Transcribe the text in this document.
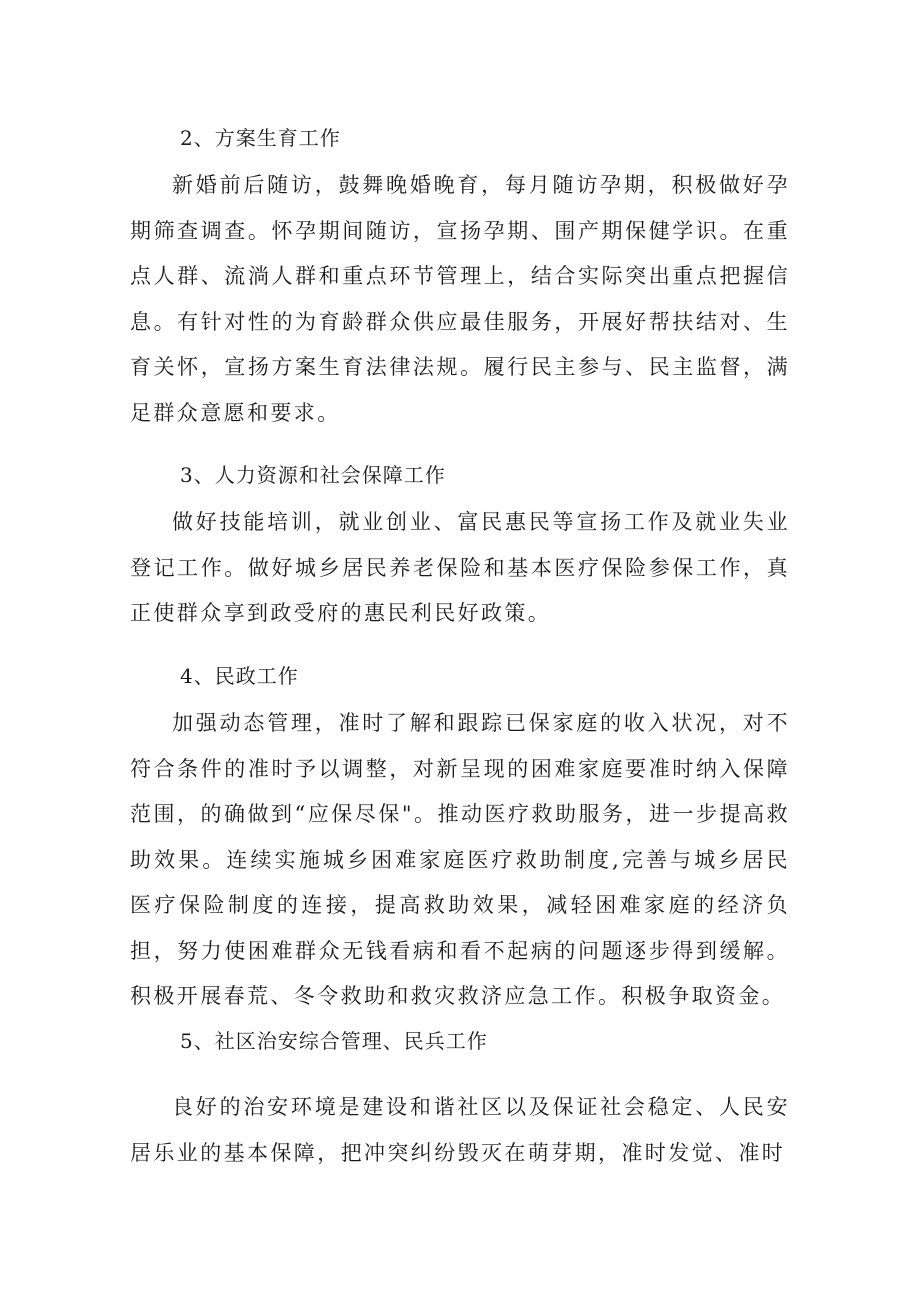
2、方案生育工作

新婚前后随访，鼓舞晚婚晚育，每月随访孕期，积极做好孕期筛查调查。怀孕期间随访，宣扬孕期、围产期保健学识。在重点人群、流淌人群和重点环节管理上，结合实际突出重点把握信息。有针对性的为育龄群众供应最佳服务，开展好帮扶结对、生育关怀，宣扬方案生育法律法规。履行民主参与、民主监督，满足群众意愿和要求。

3、人力资源和社会保障工作

做好技能培训，就业创业、富民惠民等宣扬工作及就业失业登记工作。做好城乡居民养老保险和基本医疗保险参保工作，真正使群众享到政受府的惠民利民好政策。

4、民政工作

加强动态管理，准时了解和跟踪已保家庭的收入状况，对不符合条件的准时予以调整，对新呈现的困难家庭要准时纳入保障范围，的确做到“应保尽保"。推动医疗救助服务，进一步提高救助效果。连续实施城乡困难家庭医疗救助制度,完善与城乡居民医疗保险制度的连接，提高救助效果，减轻困难家庭的经济负担，努力使困难群众无钱看病和看不起病的问题逐步得到缓解。积极开展春荒、冬令救助和救灾救济应急工作。积极争取资金。

5、社区治安综合管理、民兵工作

良好的治安环境是建设和谐社区以及保证社会稳定、人民安居乐业的基本保障，把冲突纠纷毁灭在萌芽期，准时发觉、准时
